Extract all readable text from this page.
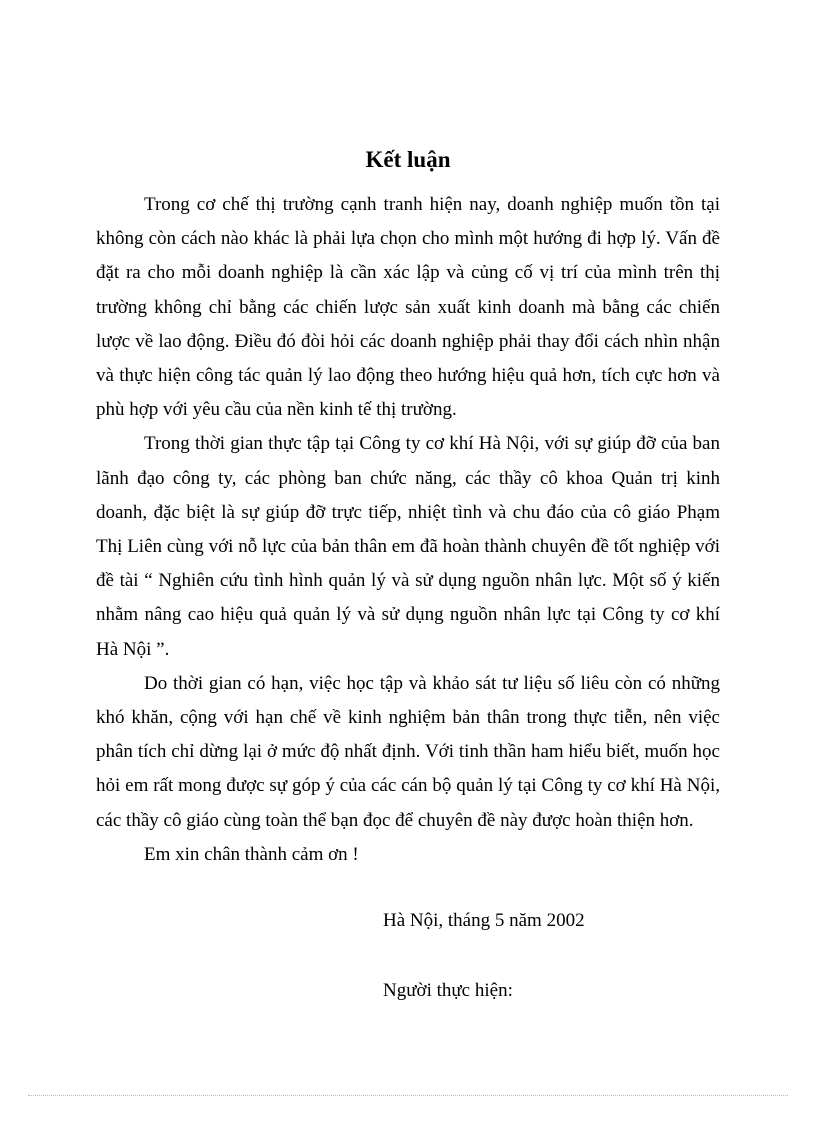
Kết luận

Trong cơ chế thị trường cạnh tranh hiện nay, doanh nghiệp muốn tồn tại không còn cách nào khác là phải lựa chọn cho mình một hướng đi hợp lý. Vấn đề đặt ra cho mỗi doanh nghiệp là cần xác lập và củng cố vị trí của mình trên thị trường không chỉ bằng các chiến lược sản xuất kinh doanh mà bằng các chiến lược về lao động. Điều đó đòi hỏi các doanh nghiệp phải thay đổi cách nhìn nhận và thực hiện công tác quản lý lao động theo hướng hiệu quả hơn, tích cực hơn và phù hợp với yêu cầu của nền kinh tế thị trường.

Trong thời gian thực tập tại Công ty cơ khí Hà Nội, với sự giúp đỡ của ban lãnh đạo công ty, các phòng ban chức năng, các thầy cô khoa Quản trị kinh doanh, đặc biệt là sự giúp đỡ trực tiếp, nhiệt tình và chu đáo của cô giáo Phạm Thị Liên cùng với nỗ lực của bản thân em đã hoàn thành chuyên đề tốt nghiệp với đề tài “ Nghiên cứu tình hình quản lý và sử dụng nguồn nhân lực. Một số ý kiến nhằm nâng cao hiệu quả quản lý và sử dụng nguồn nhân lực tại Công ty cơ khí Hà Nội ”.

Do thời gian có hạn, việc học tập và khảo sát tư liệu số liêu còn có những khó khăn, cộng với hạn chế về kinh nghiệm bản thân trong thực tiễn, nên việc phân tích chỉ dừng lại ở mức độ nhất định. Với tinh thần ham hiểu biết, muốn học hỏi em rất mong được sự góp ý của các cán bộ quản lý tại Công ty cơ khí Hà Nội, các thầy cô giáo cùng toàn thể bạn đọc để chuyên đề này được hoàn thiện hơn.

Em xin chân thành cảm ơn !

Hà Nội, tháng 5 năm 2002
Người thực hiện:
